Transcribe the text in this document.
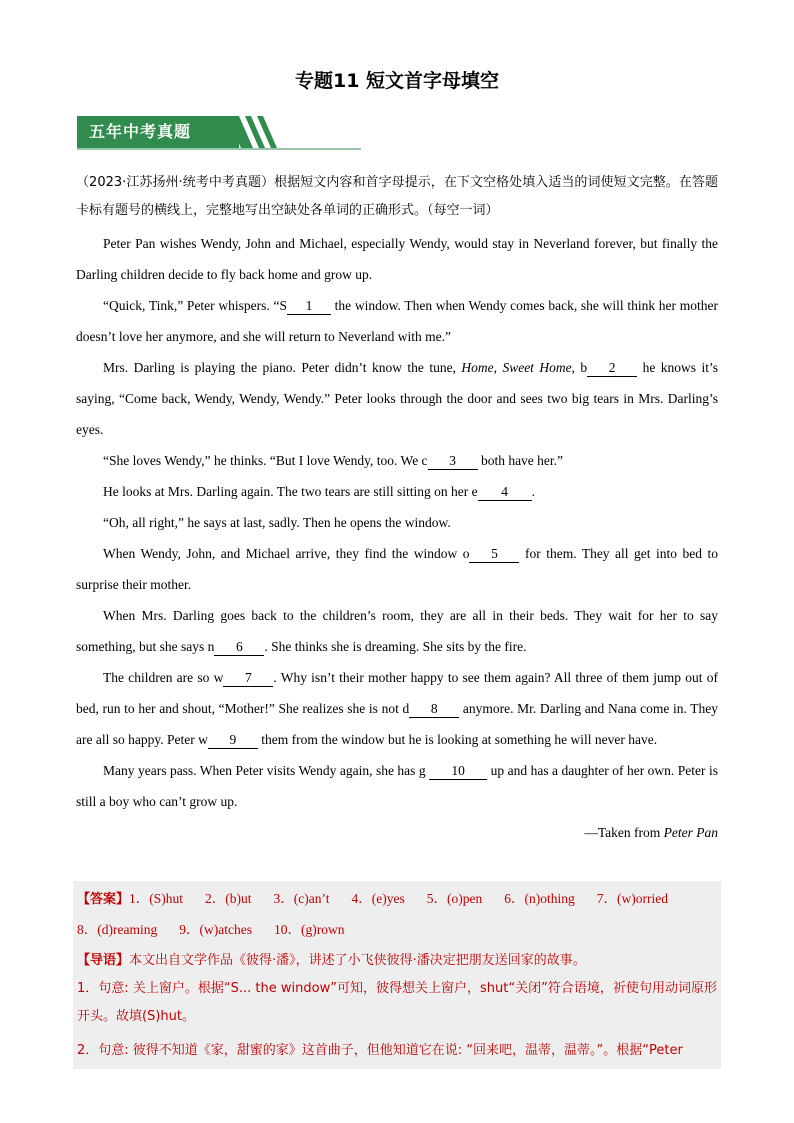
专题11 短文首字母填空
五年中考真题

（2023·江苏扬州·统考中考真题）根据短文内容和首字母提示，在下文空格处填入适当的词使短文完整。在答题卡标有题号的横线上，完整地写出空缺处各单词的正确形式。（每空一词）

Peter Pan wishes Wendy, John and Michael, especially Wendy, would stay in Neverland forever, but finally the Darling children decide to fly back home and grow up.

“Quick, Tink,” Peter whispers. “S 1 the window. Then when Wendy comes back, she will think her mother doesn’t love her anymore, and she will return to Neverland with me.”

Mrs. Darling is playing the piano. Peter didn’t know the tune, Home, Sweet Home, b 2 he knows it’s saying, “Come back, Wendy, Wendy, Wendy.” Peter looks through the door and sees two big tears in Mrs. Darling’s eyes.

“She loves Wendy,” he thinks. “But I love Wendy, too. We c 3 both have her.”

He looks at Mrs. Darling again. The two tears are still sitting on her e 4 .

“Oh, all right,” he says at last, sadly. Then he opens the window.

When Wendy, John, and Michael arrive, they find the window o 5 for them. They all get into bed to surprise their mother.

When Mrs. Darling goes back to the children’s room, they are all in their beds. They wait for her to say something, but she says n 6 . She thinks she is dreaming. She sits by the fire.

The children are so w 7 . Why isn’t their mother happy to see them again? All three of them jump out of bed, run to her and shout, “Mother!” She realizes she is not d 8 anymore. Mr. Darling and Nana come in. They are all so happy. Peter w 9 them from the window but he is looking at something he will never have.

Many years pass. When Peter visits Wendy again, she has g 10 up and has a daughter of her own. Peter is still a boy who can’t grow up.

—Taken from Peter Pan

【答案】1．(S)hut 2．(b)ut 3．(c)an’t 4．(e)yes 5．(o)pen 6．(n)othing 7．(w)orried
8．(d)reaming 9．(w)atches 10．(g)rown
【导语】本文出自文学作品《彼得·潘》，讲述了小飞侠彼得·潘决定把朋友送回家的故事。
1．句意: 关上窗户。根据“S... the window”可知，彼得想关上窗户，shut“关闭”符合语境，祈使句用动词原形开头。故填(S)hut。
2．句意: 彼得不知道《家，甜蜜的家》这首曲子，但他知道它在说: “回来吧，温蒂，温蒂。”。根据“Peter
